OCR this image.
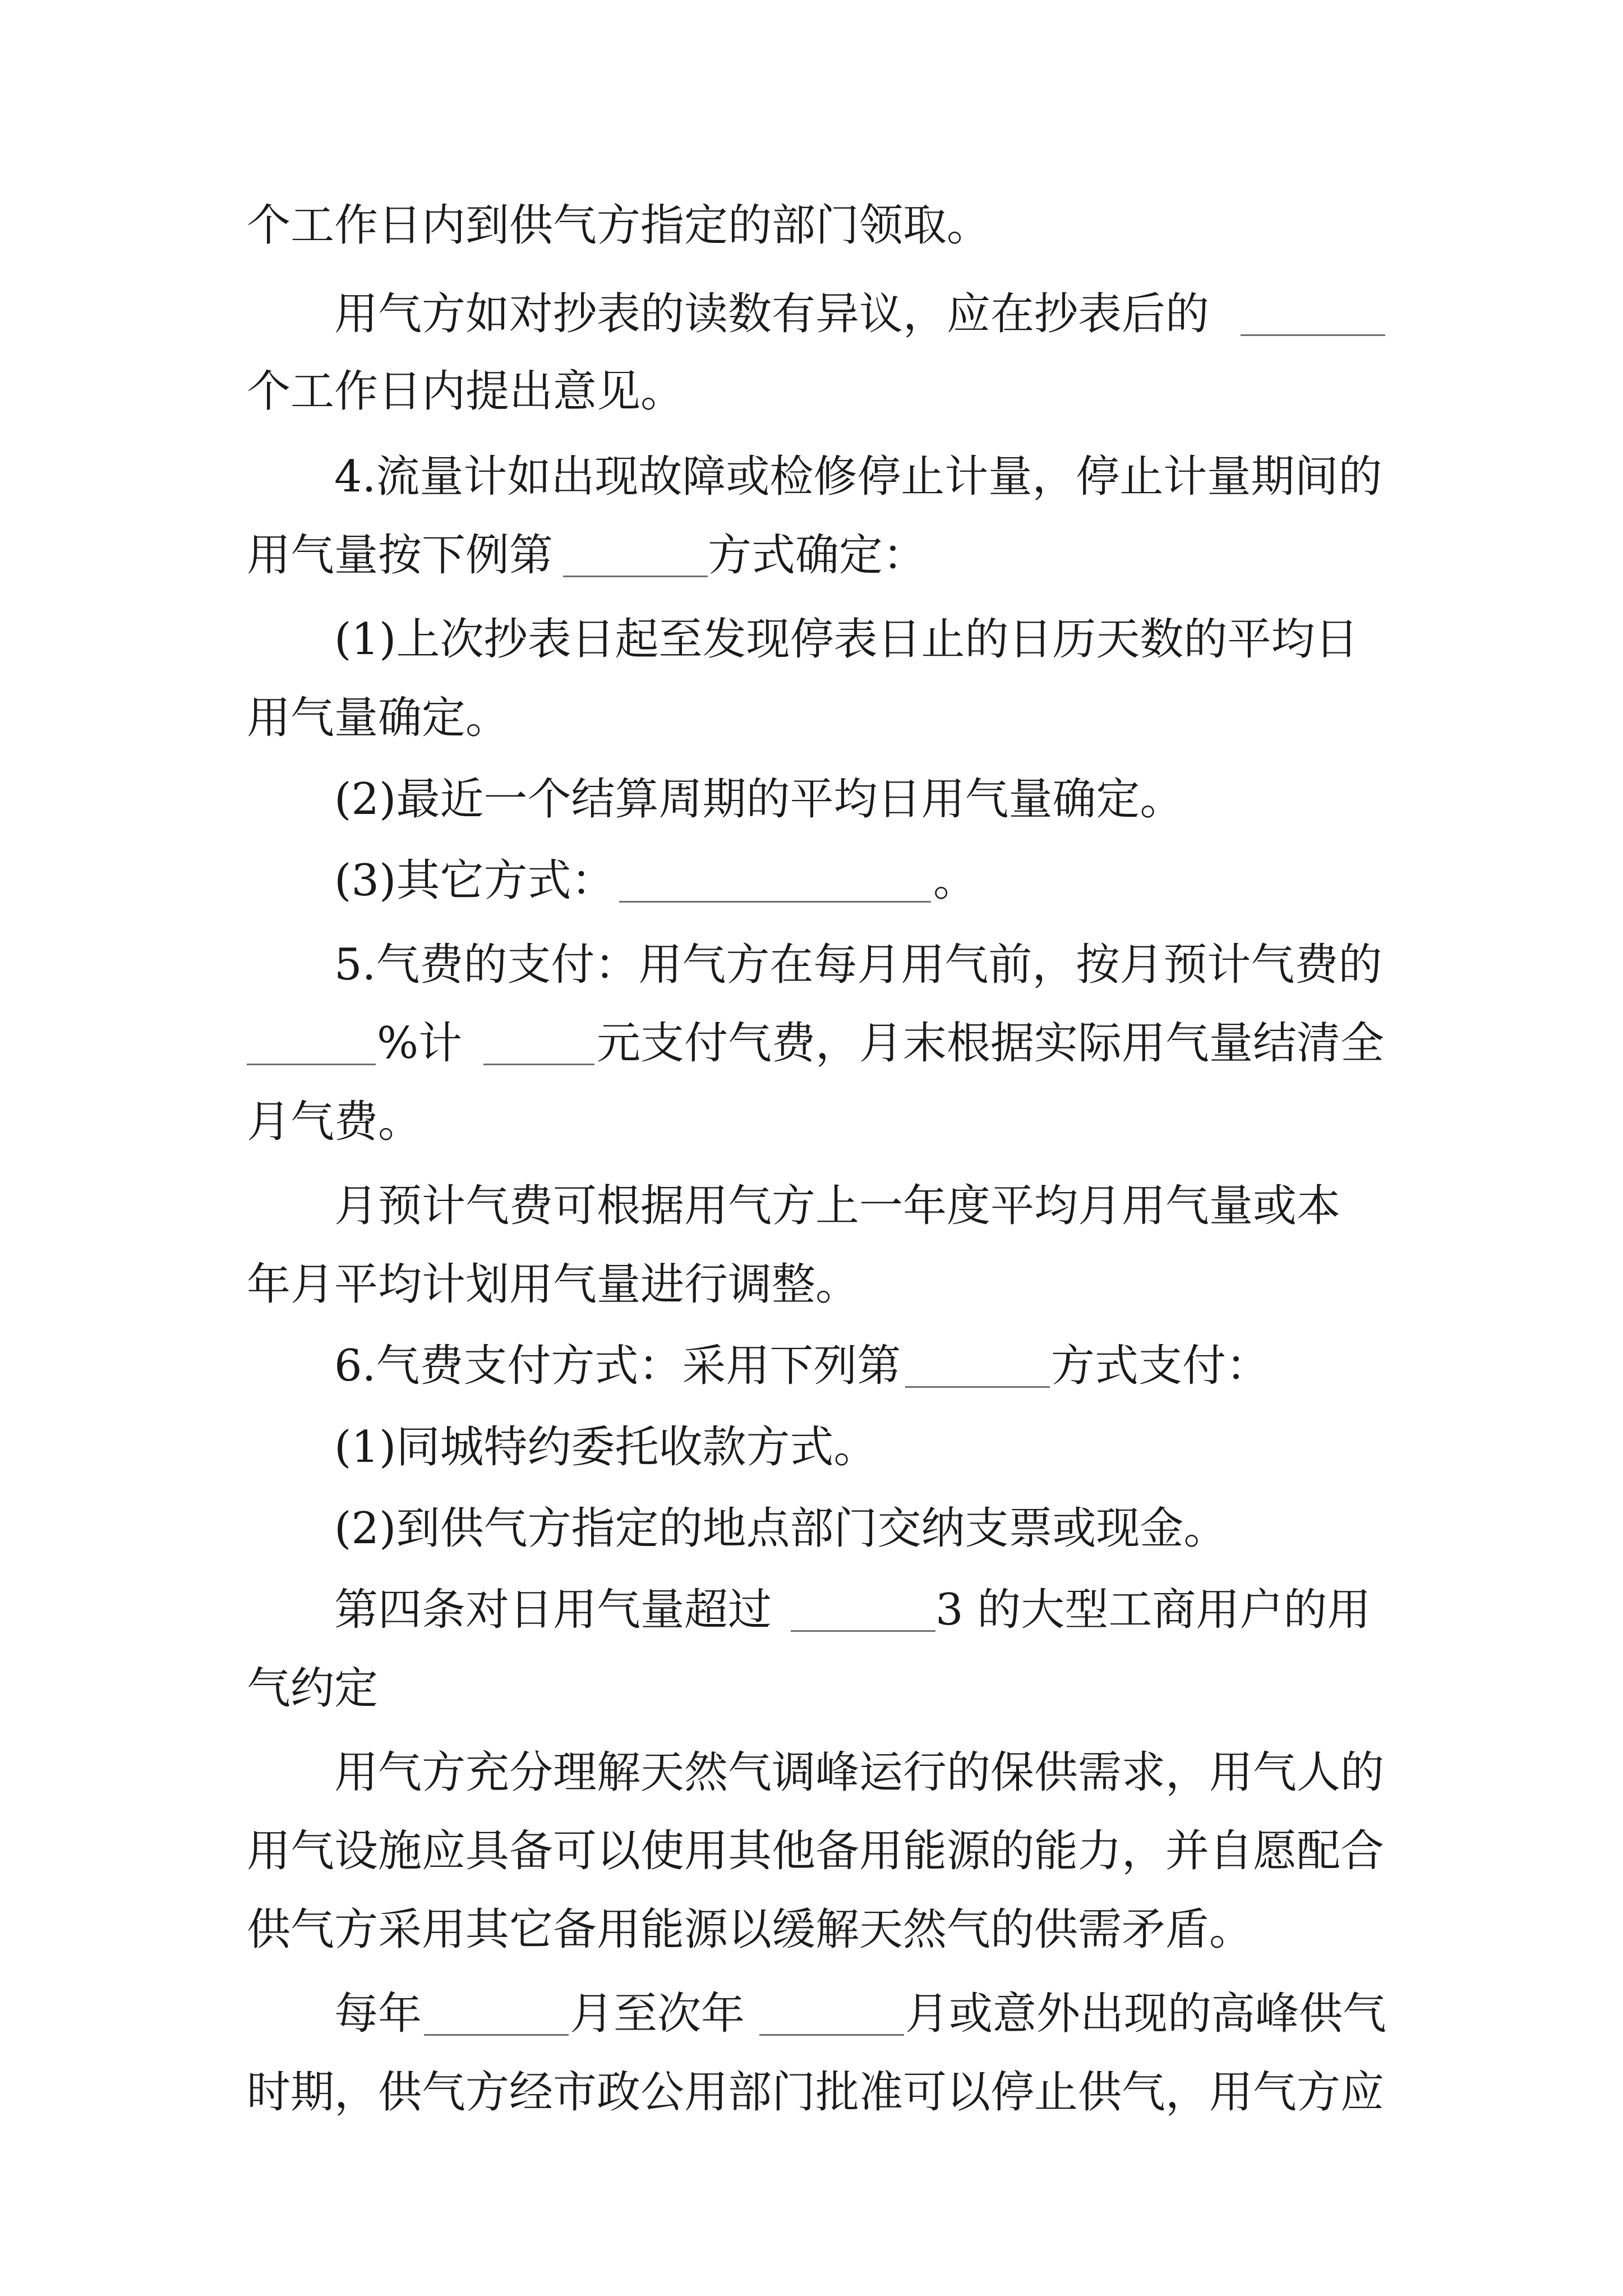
个工作日内到供气方指定的部门领取。
用气方如对抄表的读数有异议，应在抄表后的
个工作日内提出意见。
4.流量计如出现故障或检修停止计量，停止计量期间的
用气量按下例第	方式确定：
(1)上次抄表日起至发现停表日止的日历天数的平均日
用气量确定。
(2)最近一个结算周期的平均日用气量确定。
(3)其它方式：	。
5.气费的支付：用气方在每月用气前，按月预计气费的
%计	元支付气费，月末根据实际用气量结清全
月气费。
月预计气费可根据用气方上一年度平均月用气量或本
年月平均计划用气量进行调整。
6.气费支付方式：采用下列第	方式支付：
(1)同城特约委托收款方式。
(2)到供气方指定的地点部门交纳支票或现金。
第四条对日用气量超过	3 的大型工商用户的用
气约定
用气方充分理解天然气调峰运行的保供需求，用气人的
用气设施应具备可以使用其他备用能源的能力，并自愿配合
供气方采用其它备用能源以缓解天然气的供需矛盾。
每年	月至次年	月或意外出现的高峰供气
时期，供气方经市政公用部门批准可以停止供气，用气方应
